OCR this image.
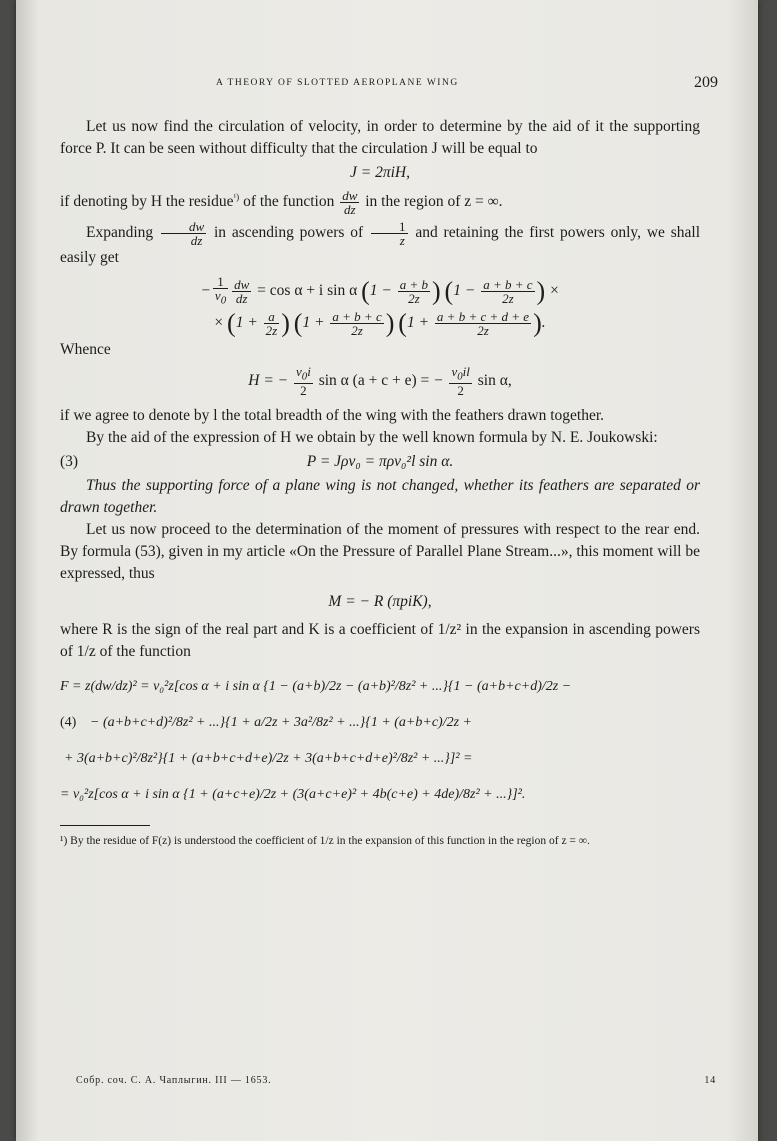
A THEORY OF SLOTTED AEROPLANE WING	209

Let us now find the circulation of velocity, in order to determine by the aid of it the supporting force P. It can be seen without difficulty that the circulation J will be equal to

J = 2πiH,

if denoting by H the residue$^{^1)}$ of the function $\frac{dw}{dz}$ in the region of z = ∞.

Expanding $\frac{dw}{dz}$ in ascending powers of $\frac{1}{z}$ and retaining the first powers only, we shall easily get

− $\frac{1}{v_0} \frac{dw}{dz} = \cos \alpha + i$ sin α ($1 - \frac{a + b}{2z}$ ) ($1 - \frac{a + b + c}{2z}$ ) ×
× ($1 + \frac{a}{2z}$ ) ($1 + \frac{a + b + c}{2z}$ ) ($1 + \frac{a + b + c + d + e}{2z}$ ).

Whence

H = − $\frac{v_0i}{2}$ sin α (a + c + e) = − $\frac{v_0il}{2}$ sin α,

if we agree to denote by l the total breadth of the wing with the feathers drawn together.

By the aid of the expression of H we obtain by the well known formula by N. E. Joukowski:

(3)	P = Jρv₀ = πρv₀²l sin α.

Thus the supporting force of a plane wing is not changed, whether its feathers are separated or drawn together.

Let us now proceed to the determination of the moment of pressures with respect to the rear end. By formula (53), given in my article «On the Pressure of Parallel Plane Stream...», this moment will be expressed, thus

M = − R (πpiK),

where R is the sign of the real part and K is a coefficient of 1/z² in the expansion in ascending powers of 1/z of the function

(4)
F = z(dw/dz)² = v₀²z[cos α + i sin α {1 − (a+b)/2z − (a+b)²/8z² + ...}{1 − (a+b+c+d)/2z −
− (a+b+c+d)²/8z² + ...}{1 + a/2z + 3a²/8z² + ...}{1 + (a+b+c)/2z +
+ 3(a+b+c)²/8z²}{1 + (a+b+c+d+e)/2z + 3(a+b+c+d+e)²/8z² + ...}]² =
= v₀²z[cos α + i sin α {1 + (a+c+e)/2z + (3(a+c+e)² + 4b(c+e) + 4de)/8z² + ...}]².

¹) By the residue of F(z) is understood the coefficient of 1/z in the expansion of this function in the region of z = ∞.

Собр. соч. С. А. Чаплыгин. III — 1653.	14
